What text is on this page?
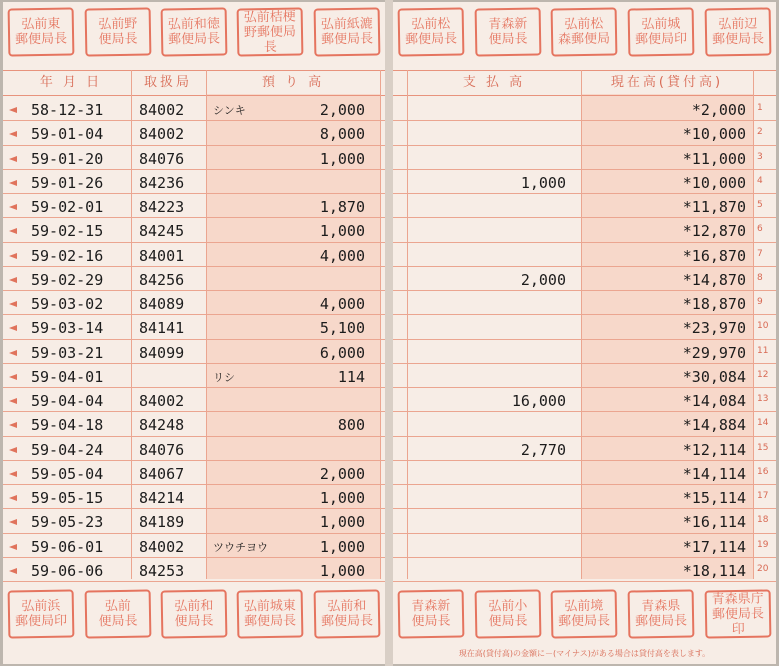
弘前東
郵便局長
弘前野
便局長
弘前和徳
郵便局長
弘前桔梗
野郵便局長
弘前紙漉
郵便局長
年 月 日	取扱局	預 り 高
58-12-31 84002	シンキ	2,000
59-01-04 84002	8,000
59-01-20 84076	1,000
59-01-26 84236
59-02-01 84223	1,870
59-02-15 84245	1,000
59-02-16 84001	4,000
59-02-29 84256
59-03-02 84089	4,000
59-03-14 84141	5,100
59-03-21 84099	6,000
59-04-01	リシ	114
59-04-04 84002
59-04-18 84248	800
59-04-24 84076
59-05-04 84067	2,000
59-05-15 84214	1,000
59-05-23 84189	1,000
59-06-01 84002	ツウチヨウ	1,000
59-06-06 84253	1,000
弘前浜
郵便局印
弘前
便局長
弘前和
便局長
弘前城東
郵便局長
弘前和
郵便局長
弘前松
郵便局長
青森新
便局長
弘前松
森郵便局
弘前城
郵便局印
弘前辺
郵便局長
支 払 高	現在高(貸付高)
*2,000 1
*10,000 2
*11,000 3
1,000	*10,000 4
*11,870 5
*12,870 6
*16,870 7
2,000	*14,870 8
*18,870 9
*23,970 10
*29,970 11
*30,084 12
16,000	*14,084 13
*14,884 14
2,770	*12,114 15
*14,114 16
*15,114 17
*16,114 18
*17,114 19
*18,114 20
青森新
便局長
弘前小
便局長
弘前境
郵便局長
青森県
郵便局長
青森県庁
郵便局長印
現在高(貸付高)の金額に－(マイナス)がある場合は貸付高を表します。
